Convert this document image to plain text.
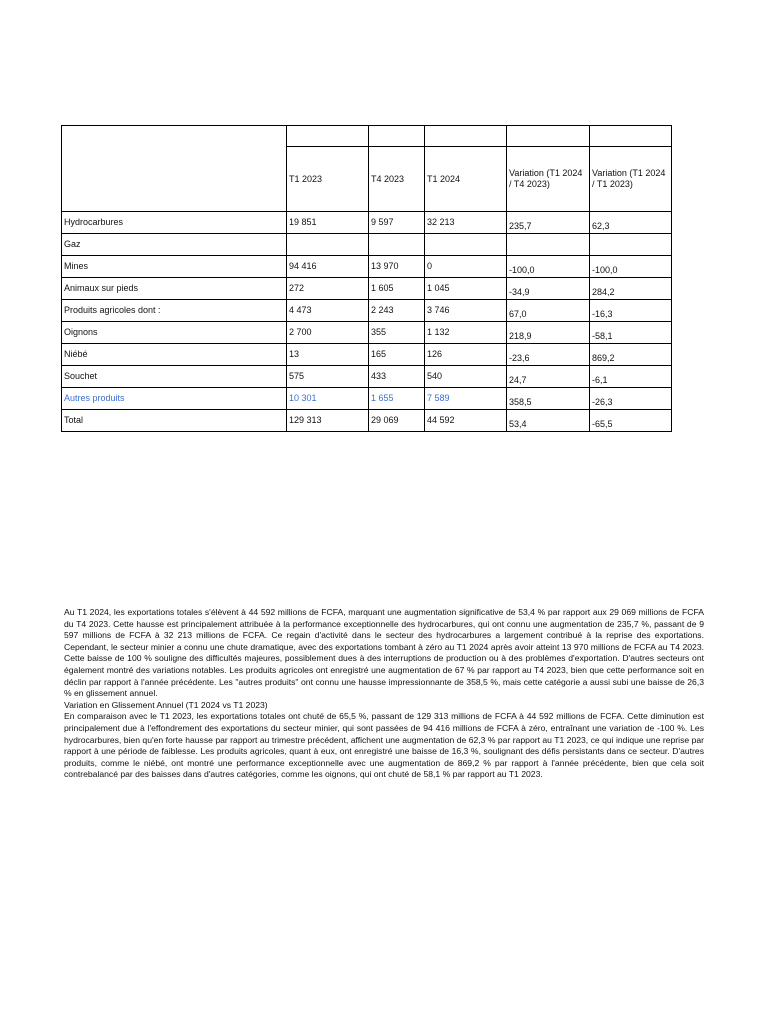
	T1 2023	T4 2023	T1 2024	Variation (T1 2024 / T4 2023)	Variation (T1 2024 / T1 2023)
Hydrocarbures	19 851	9 597	32 213	235,7	62,3
Gaz					
Mines	94 416	13 970	0	-100,0	-100,0
Animaux sur pieds	272	1 605	1 045	-34,9	284,2
Produits agricoles dont :	4 473	2 243	3 746	67,0	-16,3
Oignons	2 700	355	1 132	218,9	-58,1
Niébé	13	165	126	-23,6	869,2
Souchet	575	433	540	24,7	-6,1
Autres produits	10 301	1 655	7 589	358,5	-26,3
Total	129 313	29 069	44 592	53,4	-65,5

Au T1 2024, les exportations totales s'élèvent à 44 592 millions de FCFA, marquant une augmentation significative de 53,4 % par rapport aux 29 069 millions de FCFA du T4 2023. Cette hausse est principalement attribuée à la performance exceptionnelle des hydrocarbures, qui ont connu une augmentation de 235,7 %, passant de 9 597 millions de FCFA à 32 213 millions de FCFA. Ce regain d'activité dans le secteur des hydrocarbures a largement contribué à la reprise des exportations. Cependant, le secteur minier a connu une chute dramatique, avec des exportations tombant à zéro au T1 2024 après avoir atteint 13 970 millions de FCFA au T4 2023. Cette baisse de 100 % souligne des difficultés majeures, possiblement dues à des interruptions de production ou à des problèmes d'exportation. D'autres secteurs ont également montré des variations notables. Les produits agricoles ont enregistré une augmentation de 67 % par rapport au T4 2023, bien que cette performance soit en déclin par rapport à l'année précédente. Les "autres produits" ont connu une hausse impressionnante de 358,5 %, mais cette catégorie a aussi subi une baisse de 26,3 % en glissement annuel.

Variation en Glissement Annuel (T1 2024 vs T1 2023)

En comparaison avec le T1 2023, les exportations totales ont chuté de 65,5 %, passant de 129 313 millions de FCFA à 44 592 millions de FCFA. Cette diminution est principalement due à l'effondrement des exportations du secteur minier, qui sont passées de 94 416 millions de FCFA à zéro, entraînant une variation de -100 %. Les hydrocarbures, bien qu'en forte hausse par rapport au trimestre précédent, affichent une augmentation de 62,3 % par rapport au T1 2023, ce qui indique une reprise par rapport à une période de faiblesse. Les produits agricoles, quant à eux, ont enregistré une baisse de 16,3 %, soulignant des défis persistants dans ce secteur. D'autres produits, comme le niébé, ont montré une performance exceptionnelle avec une augmentation de 869,2 % par rapport à l'année précédente, bien que cela soit contrebalancé par des baisses dans d'autres catégories, comme les oignons, qui ont chuté de 58,1 % par rapport au T1 2023.
